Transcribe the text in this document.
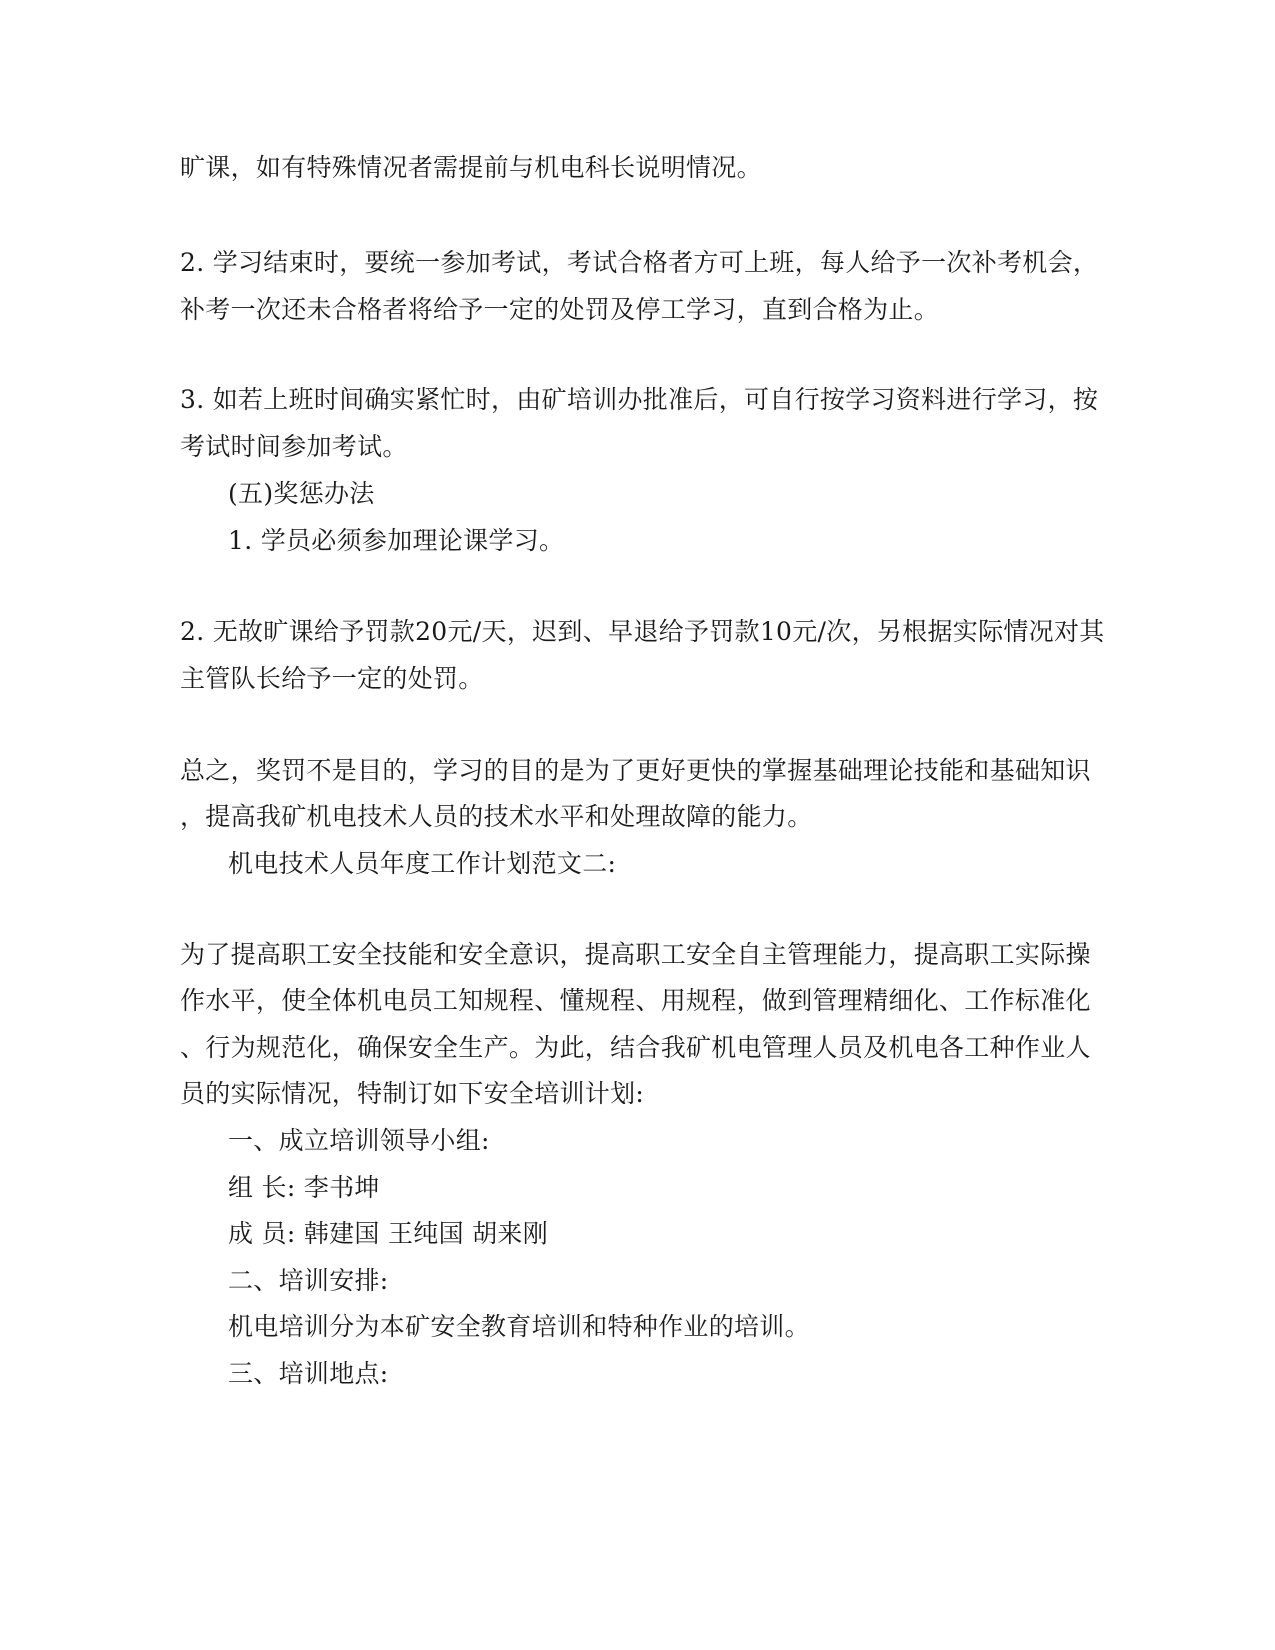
旷课，如有特殊情况者需提前与机电科长说明情况。
2. 学习结束时，要统一参加考试，考试合格者方可上班，每人给予一次补考机会，
补考一次还未合格者将给予一定的处罚及停工学习，直到合格为止。
3. 如若上班时间确实紧忙时，由矿培训办批准后，可自行按学习资料进行学习，按
考试时间参加考试。
(五)奖惩办法
1. 学员必须参加理论课学习。
2. 无故旷课给予罚款20元/天，迟到、早退给予罚款10元/次，另根据实际情况对其
主管队长给予一定的处罚。
总之，奖罚不是目的，学习的目的是为了更好更快的掌握基础理论技能和基础知识
，提高我矿机电技术人员的技术水平和处理故障的能力。
机电技术人员年度工作计划范文二:
为了提高职工安全技能和安全意识，提高职工安全自主管理能力，提高职工实际操
作水平，使全体机电员工知规程、懂规程、用规程，做到管理精细化、工作标准化
、行为规范化，确保安全生产。为此，结合我矿机电管理人员及机电各工种作业人
员的实际情况，特制订如下安全培训计划:
一、成立培训领导小组:
组 长: 李书坤
成 员: 韩建国 王纯国 胡来刚
二、培训安排:
机电培训分为本矿安全教育培训和特种作业的培训。
三、培训地点:
